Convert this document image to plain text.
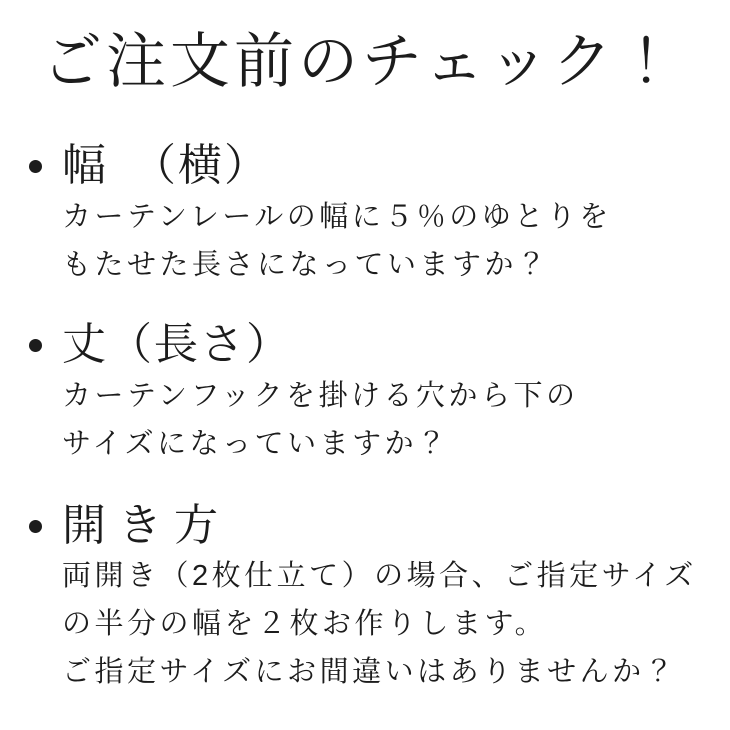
ご注文前のチェック！
幅　（横）
カーテンレールの幅に５％のゆとりを
もたせた長さになっていますか？
丈（長さ）
カーテンフックを掛ける穴から下の
サイズになっていますか？
開き方
両開き（2枚仕立て）の場合、ご指定サイズ
の半分の幅を２枚お作りします。
ご指定サイズにお間違いはありませんか？
